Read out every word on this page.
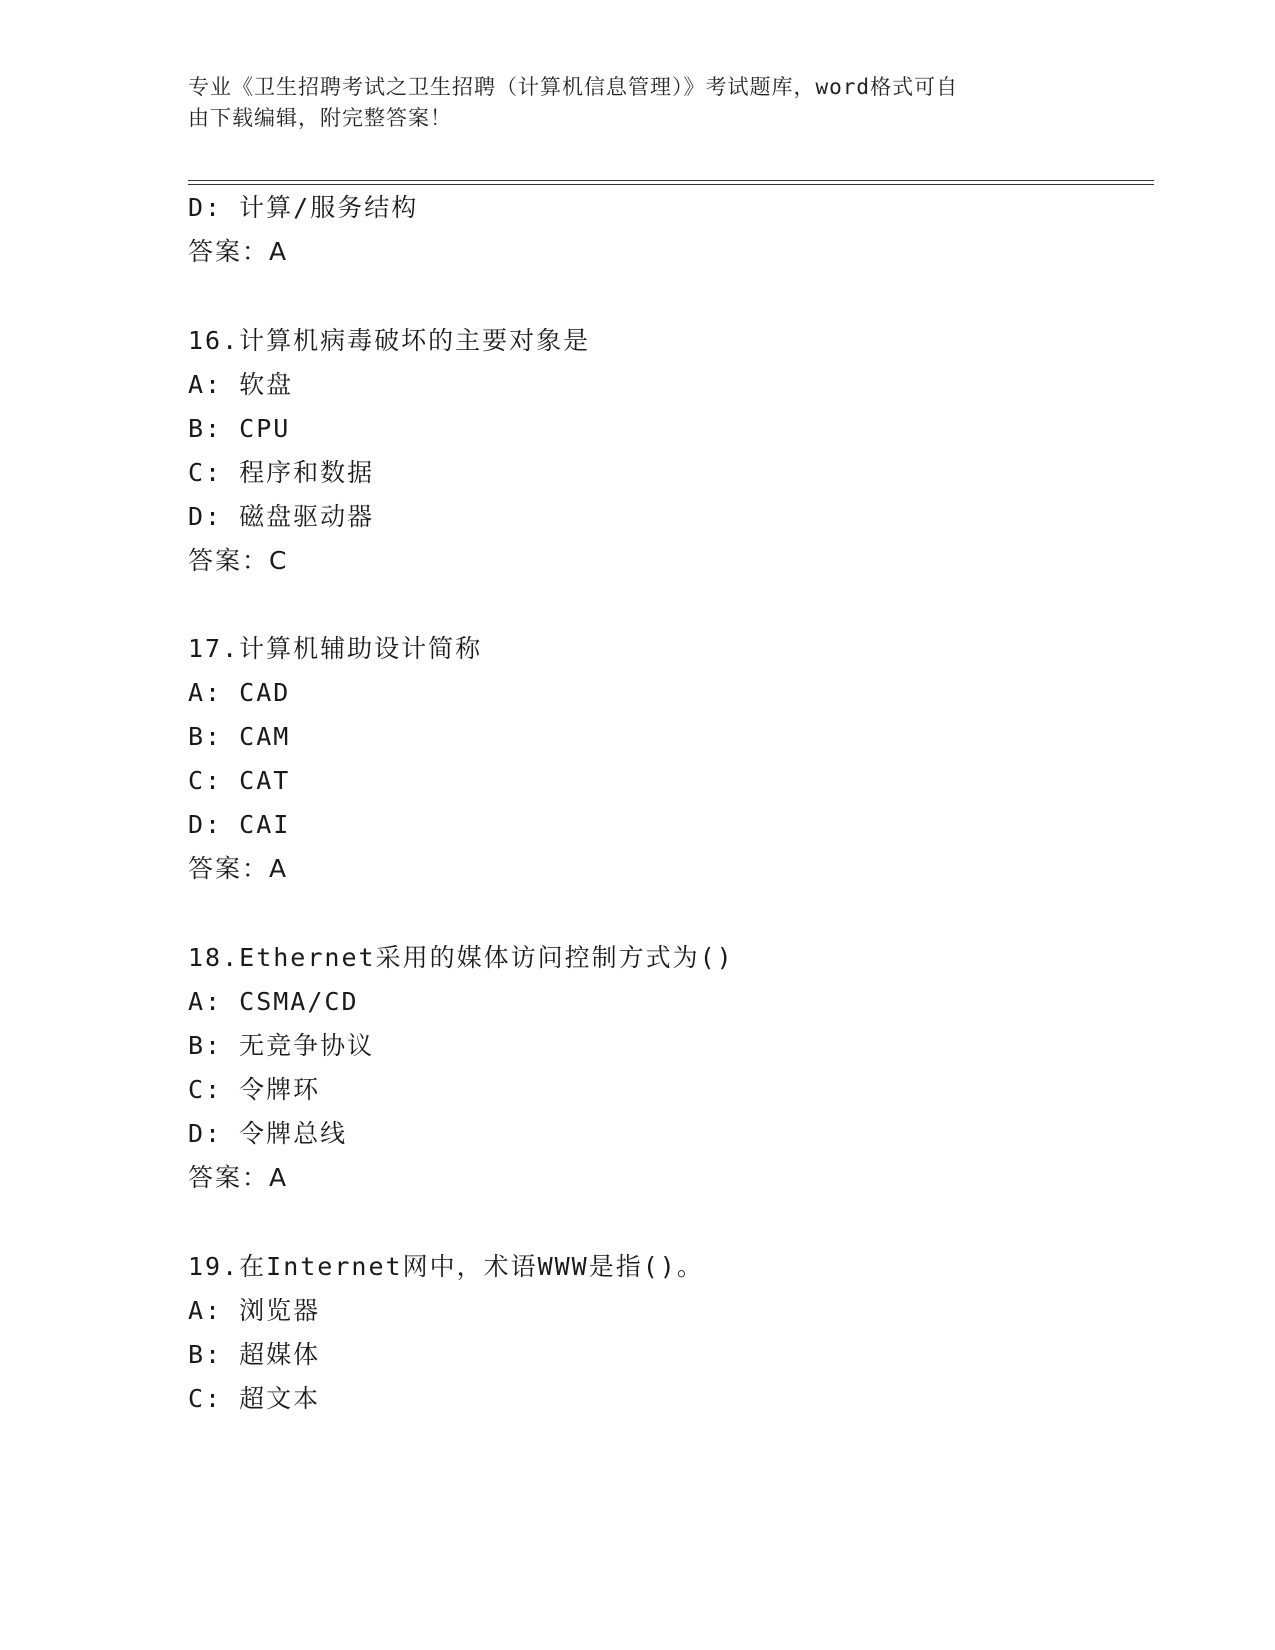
专业《卫生招聘考试之卫生招聘（计算机信息管理）》考试题库，word格式可自
由下载编辑，附完整答案！
D: 计算/服务结构
答案：A
16.计算机病毒破坏的主要对象是
A: 软盘
B: CPU
C: 程序和数据
D: 磁盘驱动器
答案：C
17.计算机辅助设计简称
A: CAD
B: CAM
C: CAT
D: CAI
答案：A
18.Ethernet采用的媒体访问控制方式为()
A: CSMA/CD
B: 无竞争协议
C: 令牌环
D: 令牌总线
答案：A
19.在Internet网中，术语WWW是指()。
A: 浏览器
B: 超媒体
C: 超文本
